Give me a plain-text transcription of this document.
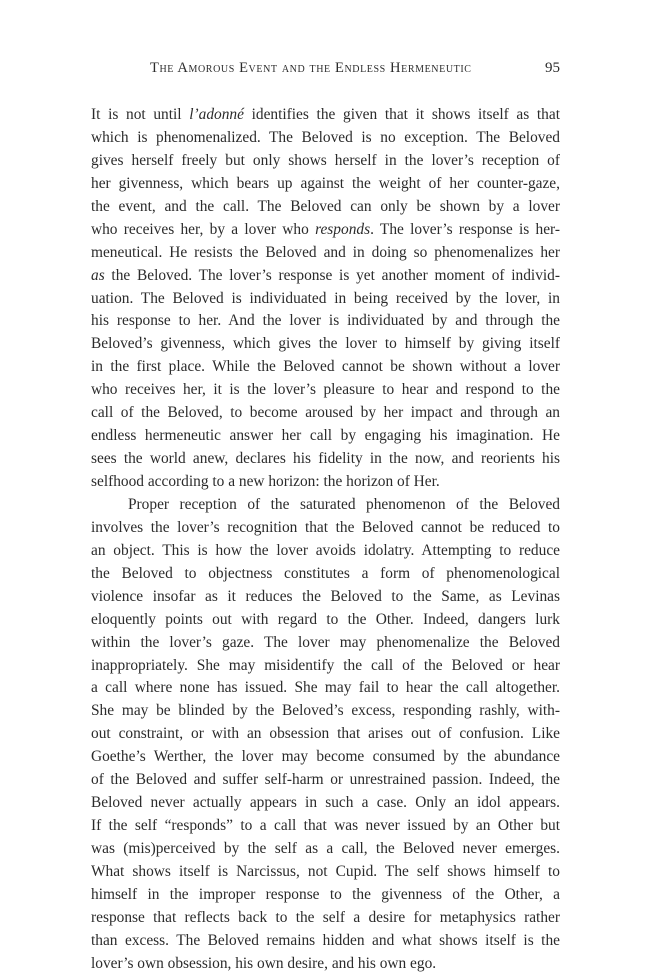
The Amorous Event and the Endless Hermeneutic	95
It is not until l’adonné identifies the given that it shows itself as that
which is phenomenalized. The Beloved is no exception. The Beloved
gives herself freely but only shows herself in the lover’s reception of
her givenness, which bears up against the weight of her counter-gaze,
the event, and the call. The Beloved can only be shown by a lover
who receives her, by a lover who responds. The lover’s response is her-
meneutical. He resists the Beloved and in doing so phenomenalizes her
as the Beloved. The lover’s response is yet another moment of individ-
uation. The Beloved is individuated in being received by the lover, in
his response to her. And the lover is individuated by and through the
Beloved’s givenness, which gives the lover to himself by giving itself
in the first place. While the Beloved cannot be shown without a lover
who receives her, it is the lover’s pleasure to hear and respond to the
call of the Beloved, to become aroused by her impact and through an
endless hermeneutic answer her call by engaging his imagination. He
sees the world anew, declares his fidelity in the now, and reorients his
selfhood according to a new horizon: the horizon of Her.
Proper reception of the saturated phenomenon of the Beloved
involves the lover’s recognition that the Beloved cannot be reduced to
an object. This is how the lover avoids idolatry. Attempting to reduce
the Beloved to objectness constitutes a form of phenomenological
violence insofar as it reduces the Beloved to the Same, as Levinas
eloquently points out with regard to the Other. Indeed, dangers lurk
within the lover’s gaze. The lover may phenomenalize the Beloved
inappropriately. She may misidentify the call of the Beloved or hear
a call where none has issued. She may fail to hear the call altogether.
She may be blinded by the Beloved’s excess, responding rashly, with-
out constraint, or with an obsession that arises out of confusion. Like
Goethe’s Werther, the lover may become consumed by the abundance
of the Beloved and suffer self-harm or unrestrained passion. Indeed, the
Beloved never actually appears in such a case. Only an idol appears.
If the self “responds” to a call that was never issued by an Other but
was (mis)perceived by the self as a call, the Beloved never emerges.
What shows itself is Narcissus, not Cupid. The self shows himself to
himself in the improper response to the givenness of the Other, a
response that reflects back to the self a desire for metaphysics rather
than excess. The Beloved remains hidden and what shows itself is the
lover’s own obsession, his own desire, and his own ego.
